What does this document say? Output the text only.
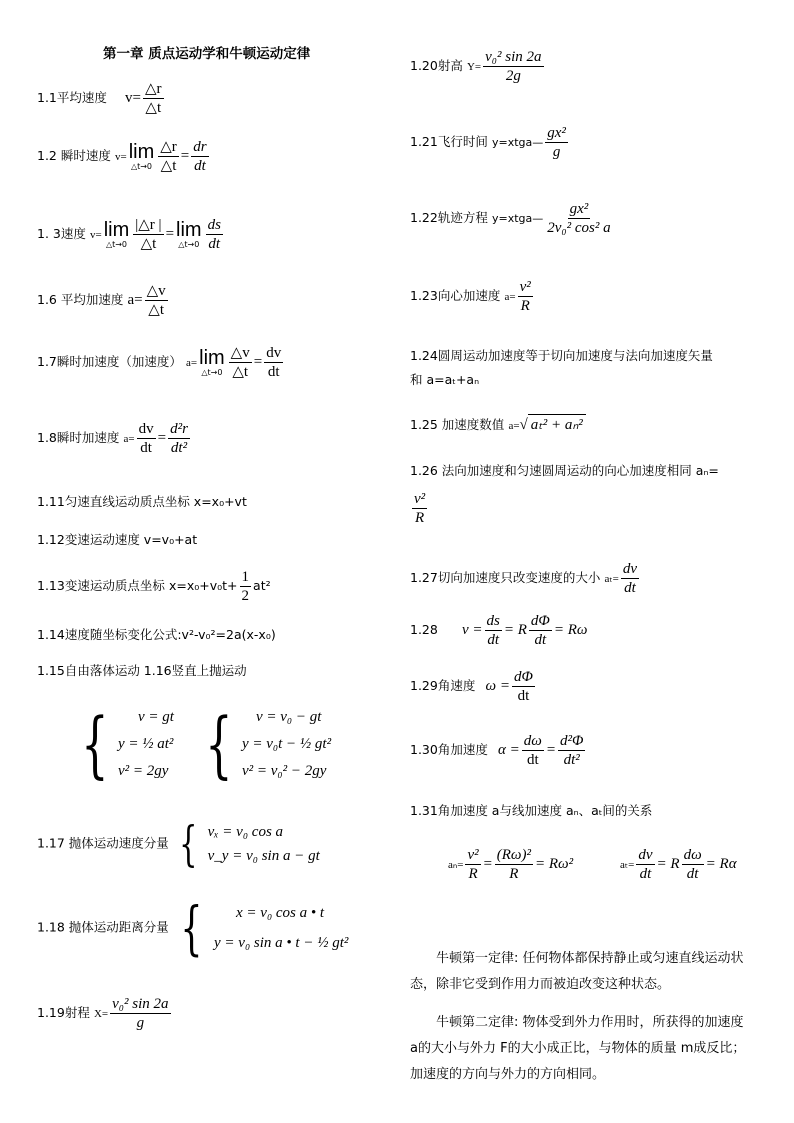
第一章 质点运动学和牛顿运动定律
1.1平均速度 $v= \frac{\triangle r}{\triangle t}$
1.2 瞬时速度 v= lim
△t→0 $\frac{\triangle r}{\triangle t} = \frac{dr}{dt}$
1. 3速度 v= lim
△t→0 $\frac{|\triangle r |}{\triangle t} = \lim$
△t→0 $\frac{ds}{dt}$
1.6 平均加速度 $a= \frac{\triangle v}{\triangle t}$
1.7瞬时加速度（加速度） a= lim
△t→0 $\frac{\triangle v}{\triangle t} = \frac{dv}{dt}$
1.8瞬时加速度 $a= \frac{dv}{dt} = \frac{\text{d²r}}{\text{dt²}}$
1.11匀速直线运动质点坐标 x=x₀+vt
1.12变速运动速度 v=v₀+at
1.13变速运动质点坐标 $x=x_0+v_0t+ \frac{1}{2} at^2$
1.14速度随坐标变化公式:v²-v₀²=2a(x-x₀)
1.15自由落体运动 1.16竖直上抛运动
{	v = gt
y = ½ at²
v² = 2gy {	v = v₀ − gt
y = v₀t − ½ gt²
v² = v₀² − 2gy
1.17 抛体运动速度分量 { vₓ = v₀ cos a
v_y = v₀ sin a − gt
1.18 抛体运动距离分量 {	x = v₀ cos a • t
y = v₀ sin a • t − ½ gt²
1.19射程 $X= \frac{\text{v₀² sin 2a}}{g}$
1.20射高 $Y= \frac{\text{v₀² sin 2a}}{2g}$
1.21飞行时间 y=xtga— $\frac{\text{gx²}}{g}$
1.22轨迹方程 y=xtga— $\frac{\text{gx²}}{\text{2v₀² cos² a}}$
1.23向心加速度 $a= \frac{\text{v²}}{R}$
1.24圆周运动加速度等于切向加速度与法向加速度矢量
和 a=aₜ+aₙ
1.25 加速度数值 a=√ aₜ² + aₙ²
1.26 法向加速度和匀速圆周运动的向心加速度相同 aₙ=
$\frac{\text{v²}}{R}$
1.27切向加速度只改变速度的大小 $a_t= \frac{dv}{dt}$
1.28 $v = \frac{ds}{dt} = R \frac{d\Phi}{dt} = R\omega$
1.29角速度 $\omega = \frac{d\Phi}{dt}$
1.30角加速度 $\alpha = \frac{d\omega}{dt} = \frac{\text{d²Φ}}{\text{dt²}}$
1.31角加速度 a与线加速度 aₙ、aₜ间的关系
$a_n= \frac{\text{v²}}{R} = \frac{\text{(Rω)²}}{R} = R\omega^2$	$a_t= \frac{dv}{dt} = R \frac{d\omega}{dt} = R\alpha$
牛顿第一定律: 任何物体都保持静止或匀速直线运动状态，除非它受到作用力而被迫改变这种状态。
牛顿第二定律: 物体受到外力作用时，所获得的加速度 a的大小与外力 F的大小成正比，与物体的质量 m成反比；加速度的方向与外力的方向相同。
